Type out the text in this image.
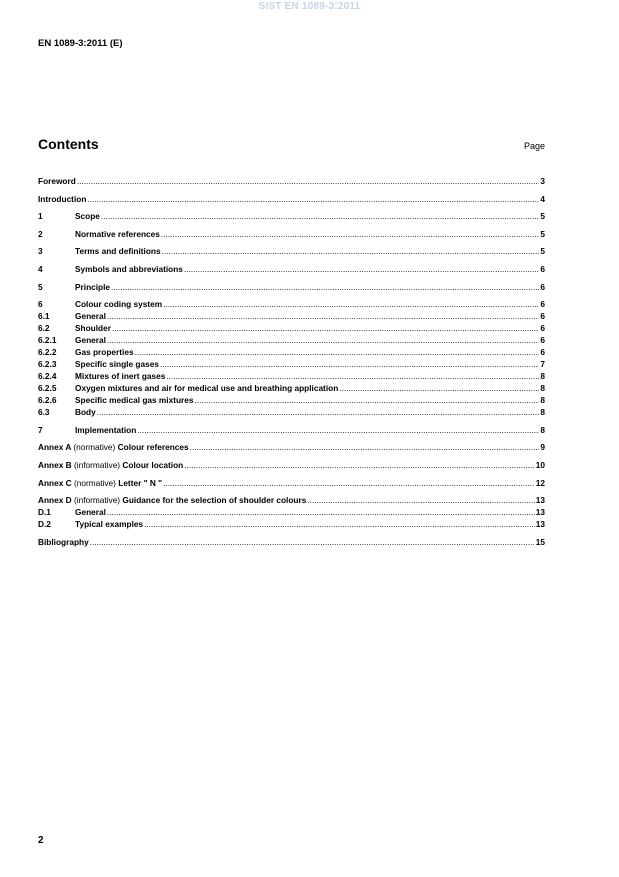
SIST EN 1089-3:2011
EN 1089-3:2011 (E)
Contents	Page
Foreword .....	3
Introduction .....	4
1	Scope .....	5
2	Normative references .....	5
3	Terms and definitions .....	5
4	Symbols and abbreviations .....	6
5	Principle .....	6
6	Colour coding system .....	6
6.1	General .....	6
6.2	Shoulder .....	6
6.2.1	General .....	6
6.2.2	Gas properties .....	6
6.2.3	Specific single gases .....	7
6.2.4	Mixtures of inert gases .....	8
6.2.5	Oxygen mixtures and air for medical use and breathing application .....	8
6.2.6	Specific medical gas mixtures .....	8
6.3	Body .....	8
7	Implementation .....	8
Annex A (normative) Colour references .....	9
Annex B (informative) Colour location .....	10
Annex C (normative) Letter " N " .....	12
Annex D (informative) Guidance for the selection of shoulder colours .....	13
D.1	General .....	13
D.2	Typical examples .....	13
Bibliography .....	15
2
